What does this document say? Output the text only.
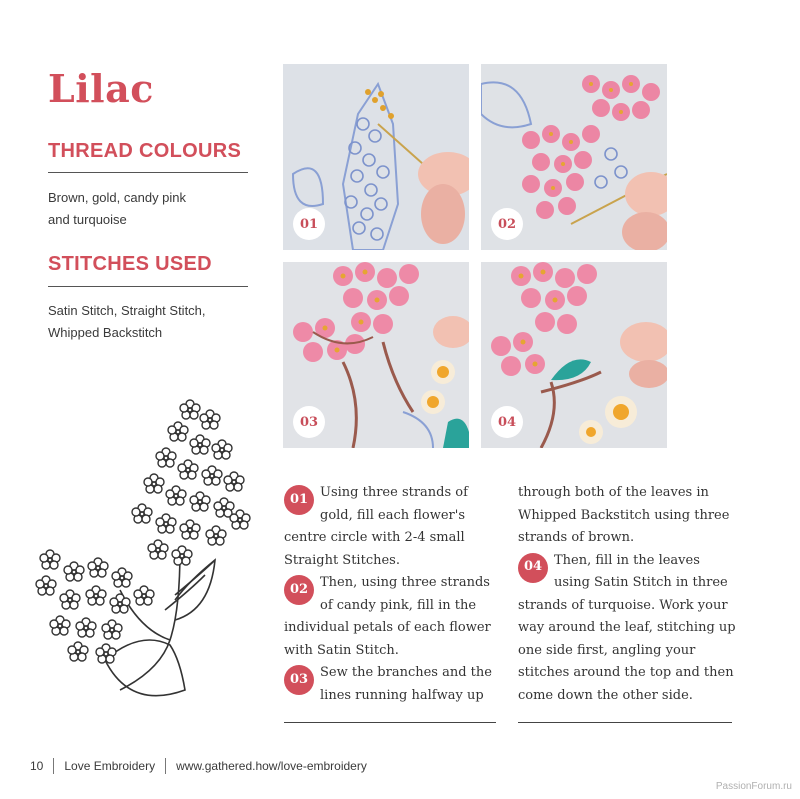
Lilac
THREAD COLOURS
Brown, gold, candy pink and turquoise
STITCHES USED
Satin Stitch, Straight Stitch, Whipped Backstitch
01	02
03	04

01 Using three strands of gold, fill each flower's centre circle with 2-4 small Straight Stitches.

02 Then, using three strands of candy pink, fill in the individual petals of each flower with Satin Stitch.

03 Sew the branches and the lines running halfway up

through both of the leaves in Whipped Backstitch using three strands of brown.

04 Then, fill in the leaves using Satin Stitch in three strands of turquoise. Work your way around the leaf, stitching up one side first, angling your stitches around the top and then come down the other side.

10 Love Embroidery www.gathered.how/love-embroidery
PassionForum.ru
